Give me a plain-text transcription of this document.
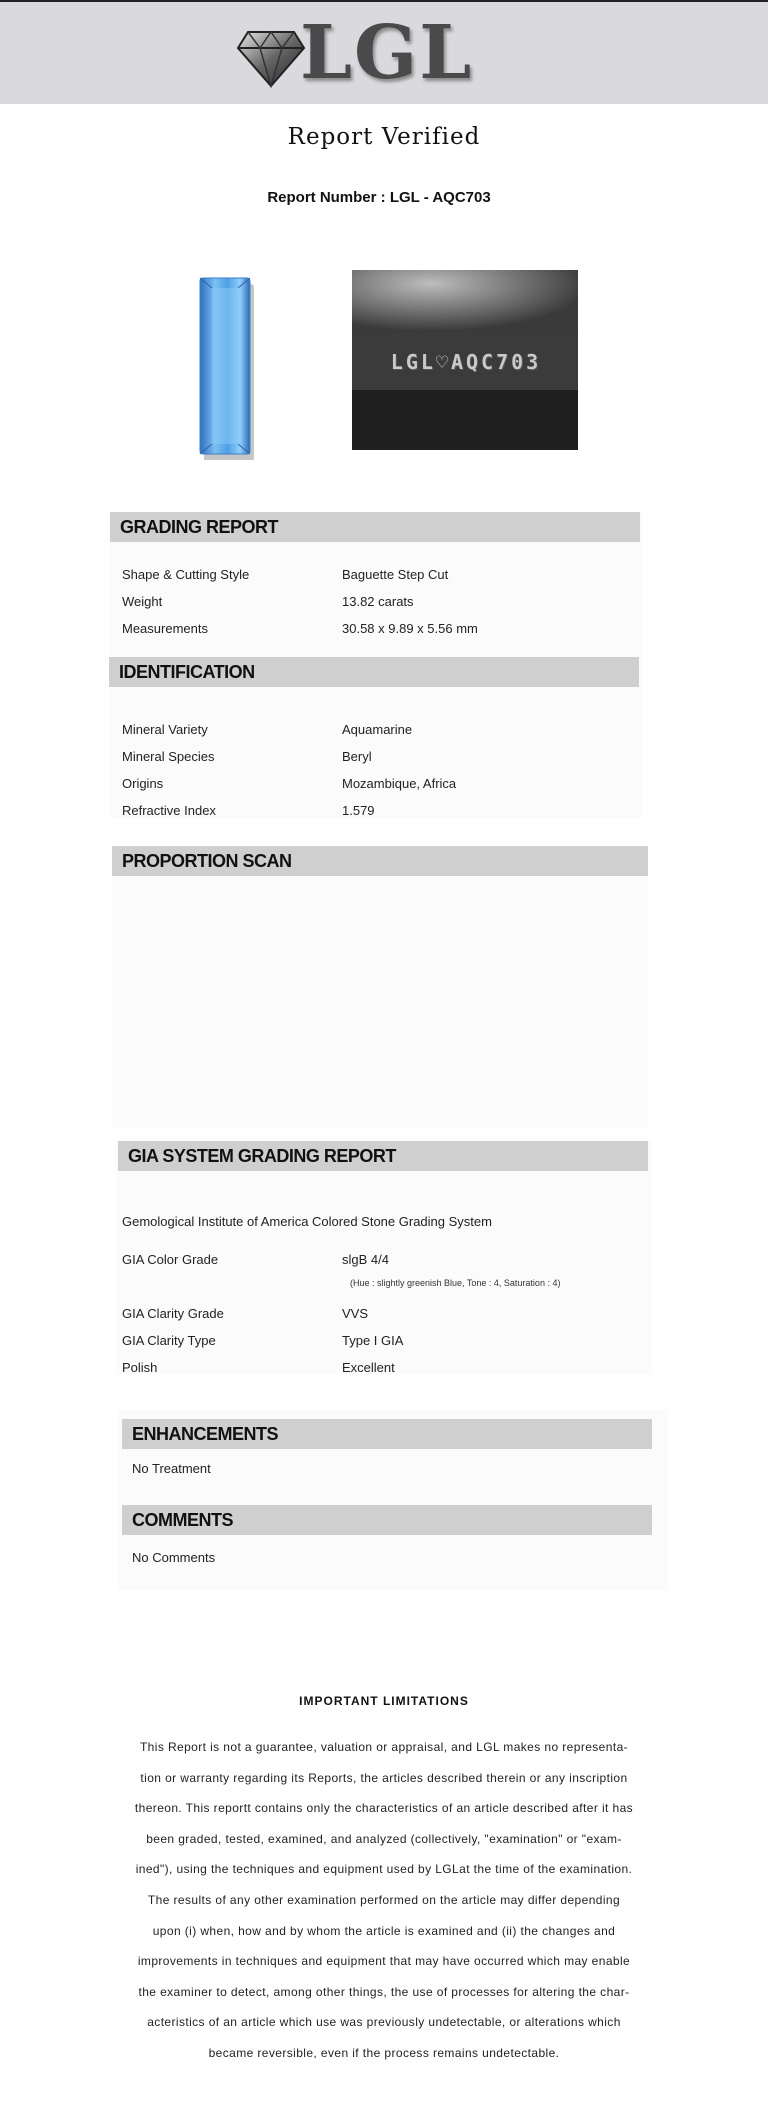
LGL
Report Verified
Report Number : LGL - AQC703
LGL♡AQC703
GRADING REPORT
Shape & Cutting Style	Baguette Step Cut
Weight	13.82 carats
Measurements	30.58 x 9.89 x 5.56 mm
IDENTIFICATION
Mineral Variety	Aquamarine
Mineral Species	Beryl
Origins	Mozambique, Africa
Refractive Index	1.579
PROPORTION SCAN
GIA SYSTEM GRADING REPORT
Gemological Institute of America Colored Stone Grading System
GIA Color Grade	slgB 4/4
(Hue : slightly greenish Blue, Tone : 4, Saturation : 4)
GIA Clarity Grade	VVS
GIA Clarity Type	Type I GIA
Polish	Excellent
ENHANCEMENTS
No Treatment
COMMENTS
No Comments
IMPORTANT LIMITATIONS
This Report is not a guarantee, valuation or appraisal, and LGL makes no representa-
tion or warranty regarding its Reports, the articles described therein or any inscription
thereon. This reportt contains only the characteristics of an article described after it has
been graded, tested, examined, and analyzed (collectively, "examination" or "exam-
ined"), using the techniques and equipment used by LGLat the time of the examination.
The results of any other examination performed on the article may differ depending
upon (i) when, how and by whom the article is examined and (ii) the changes and
improvements in techniques and equipment that may have occurred which may enable
the examiner to detect, among other things, the use of processes for altering the char-
acteristics of an article which use was previously undetectable, or alterations which
became reversible, even if the process remains undetectable.
